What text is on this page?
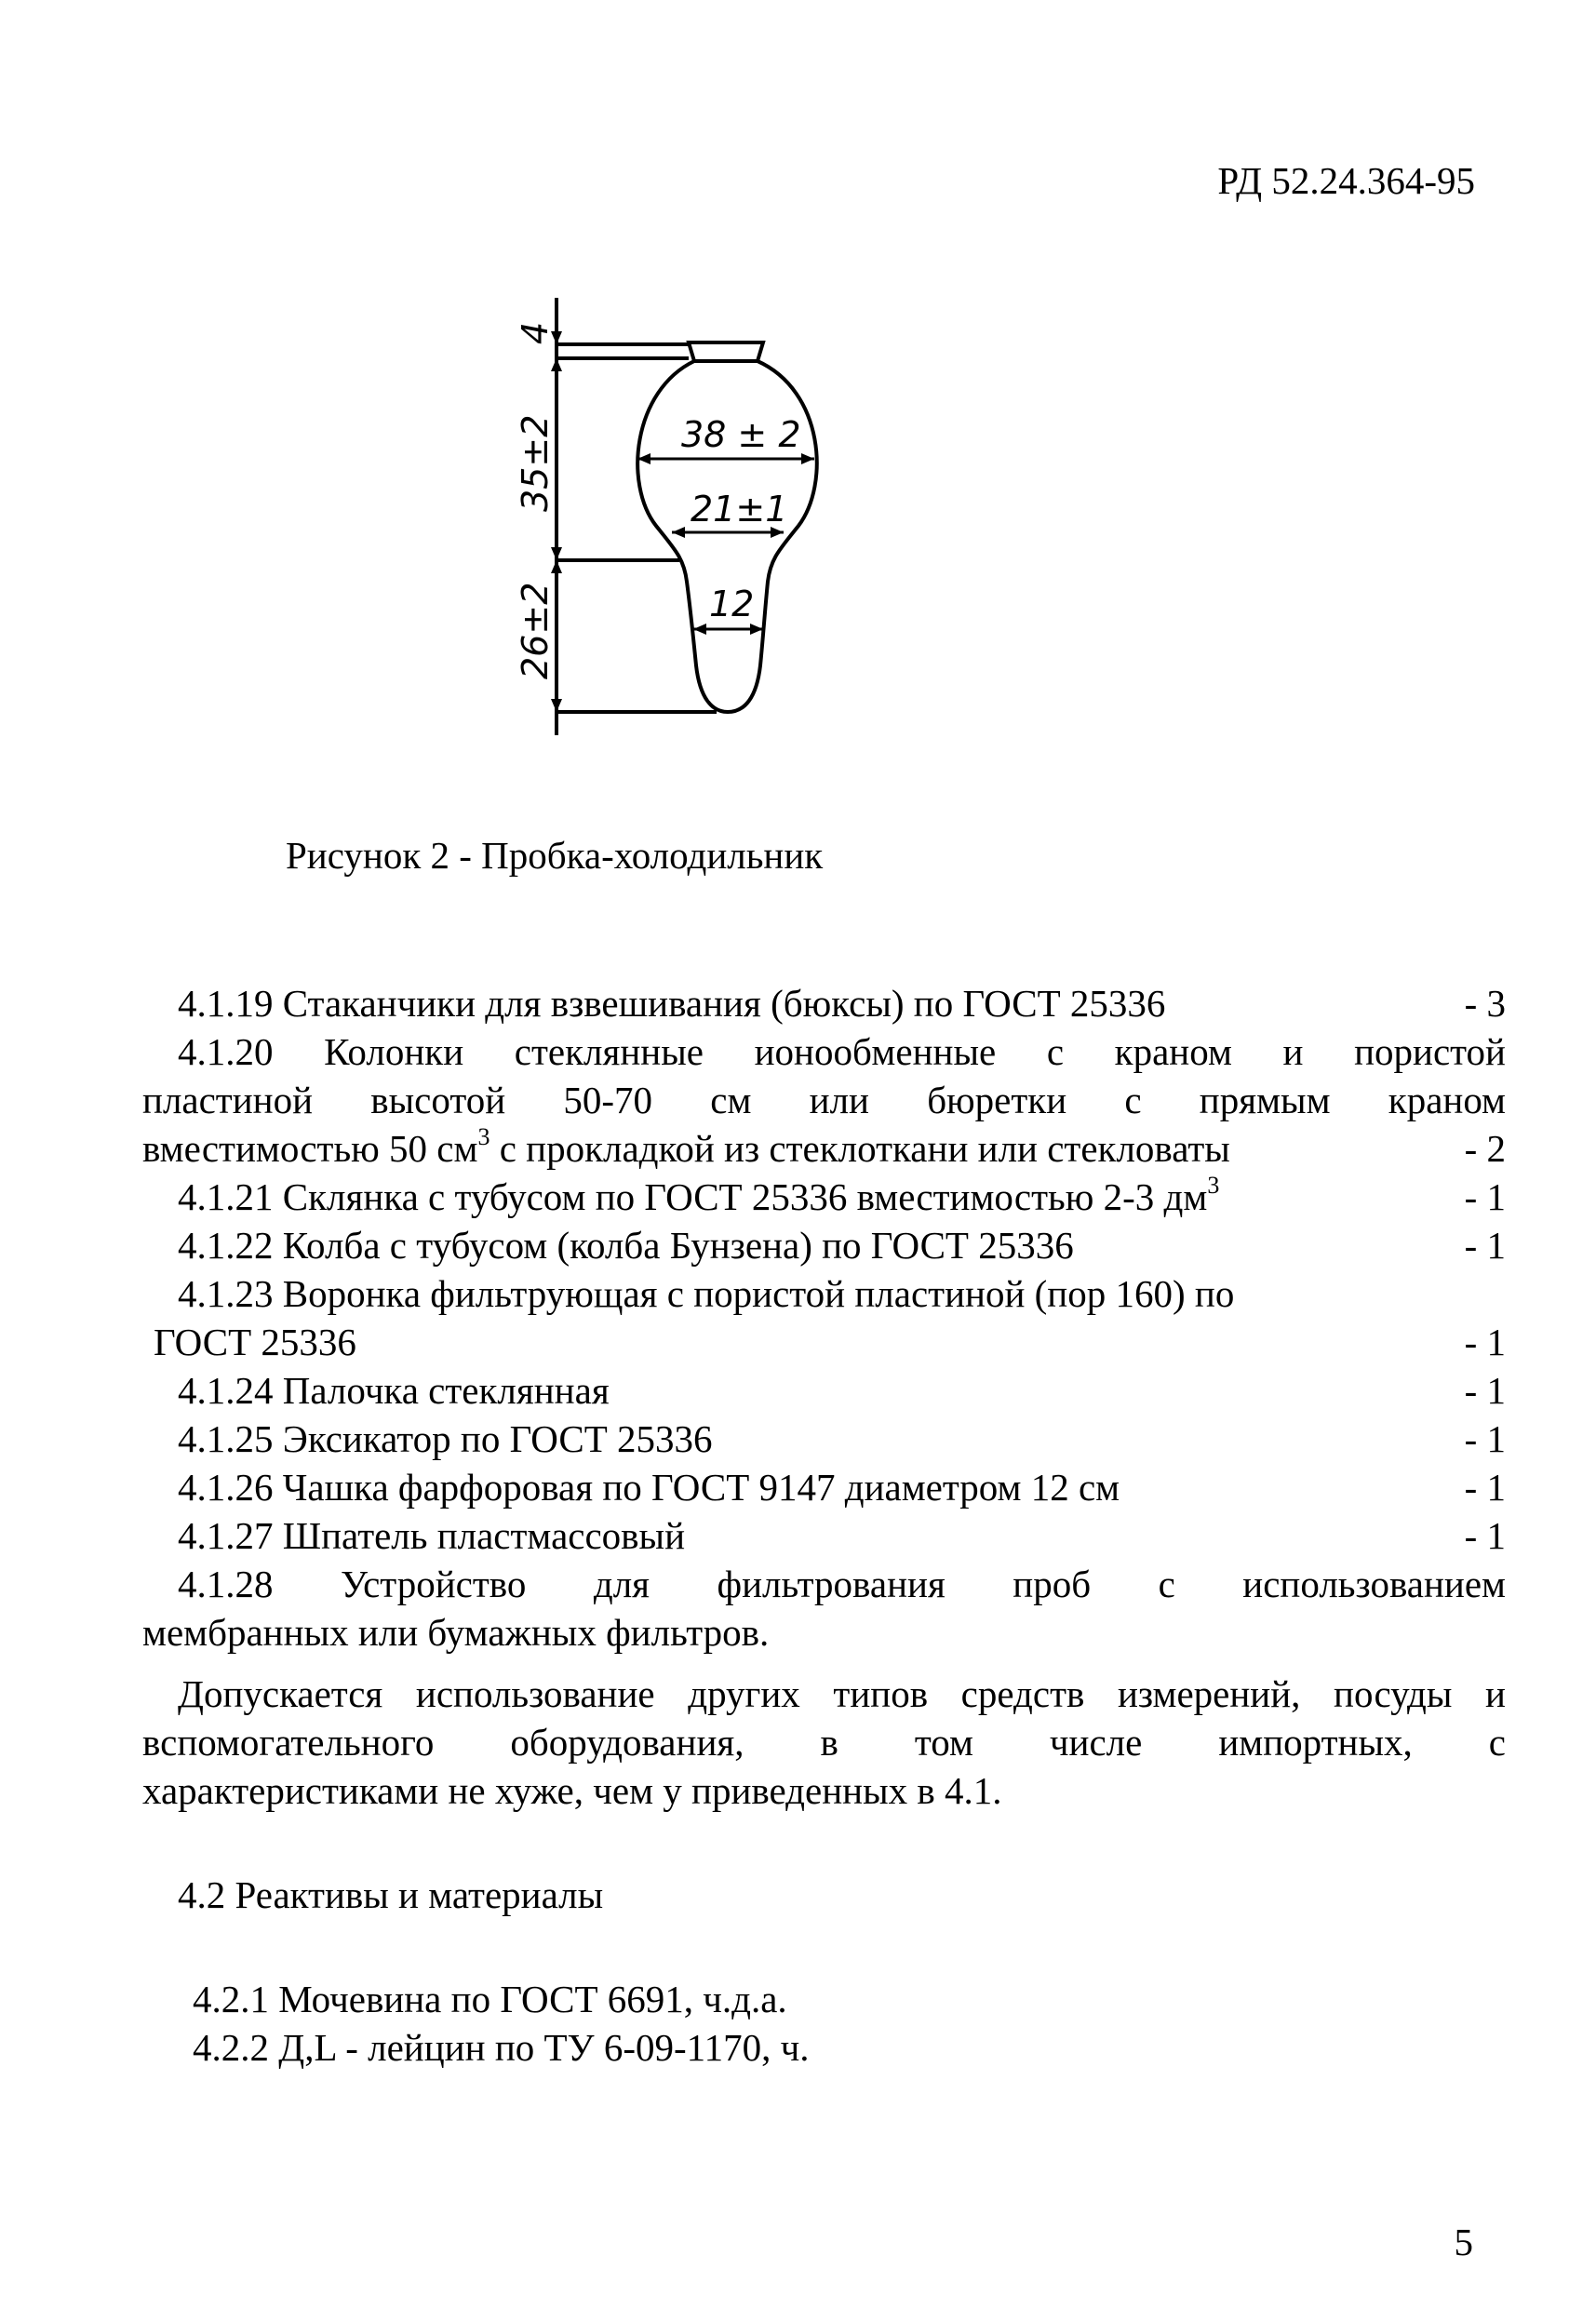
РД 52.24.364-95
4
35±2
26±2
38 ± 2
21±1
12
Рисунок 2 - Пробка-холодильник
4.1.19 Стаканчики для взвешивания (бюксы) по ГОСТ 25336	- 3
4.1.20 Колонки стеклянные ионообменные с краном и пористой
пластиной высотой 50-70 см или бюретки с прямым краном
вместимостью 50 $см^3$ с прокладкой из стеклоткани или стекловаты	- 2
4.1.21 Склянка с тубусом по ГОСТ 25336 вместимостью 2-3 $дм^3$	- 1
4.1.22 Колба с тубусом (колба Бунзена) по ГОСТ 25336	- 1
4.1.23 Воронка фильтрующая с пористой пластиной (пор 160) по
ГОСТ 25336	- 1
4.1.24 Палочка стеклянная	- 1
4.1.25 Эксикатор по ГОСТ 25336	- 1
4.1.26 Чашка фарфоровая по ГОСТ 9147 диаметром 12 см	- 1
4.1.27 Шпатель пластмассовый	- 1
4.1.28 Устройство для фильтрования проб с использованием
мембранных или бумажных фильтров.
Допускается использование других типов средств измерений, посуды и
вспомогательного оборудования, в том числе импортных, с
характеристиками не хуже, чем у приведенных в 4.1.
4.2 Реактивы и материалы
4.2.1 Мочевина по ГОСТ 6691, ч.д.а.
4.2.2 Д,L - лейцин по ТУ 6-09-1170, ч.
5
